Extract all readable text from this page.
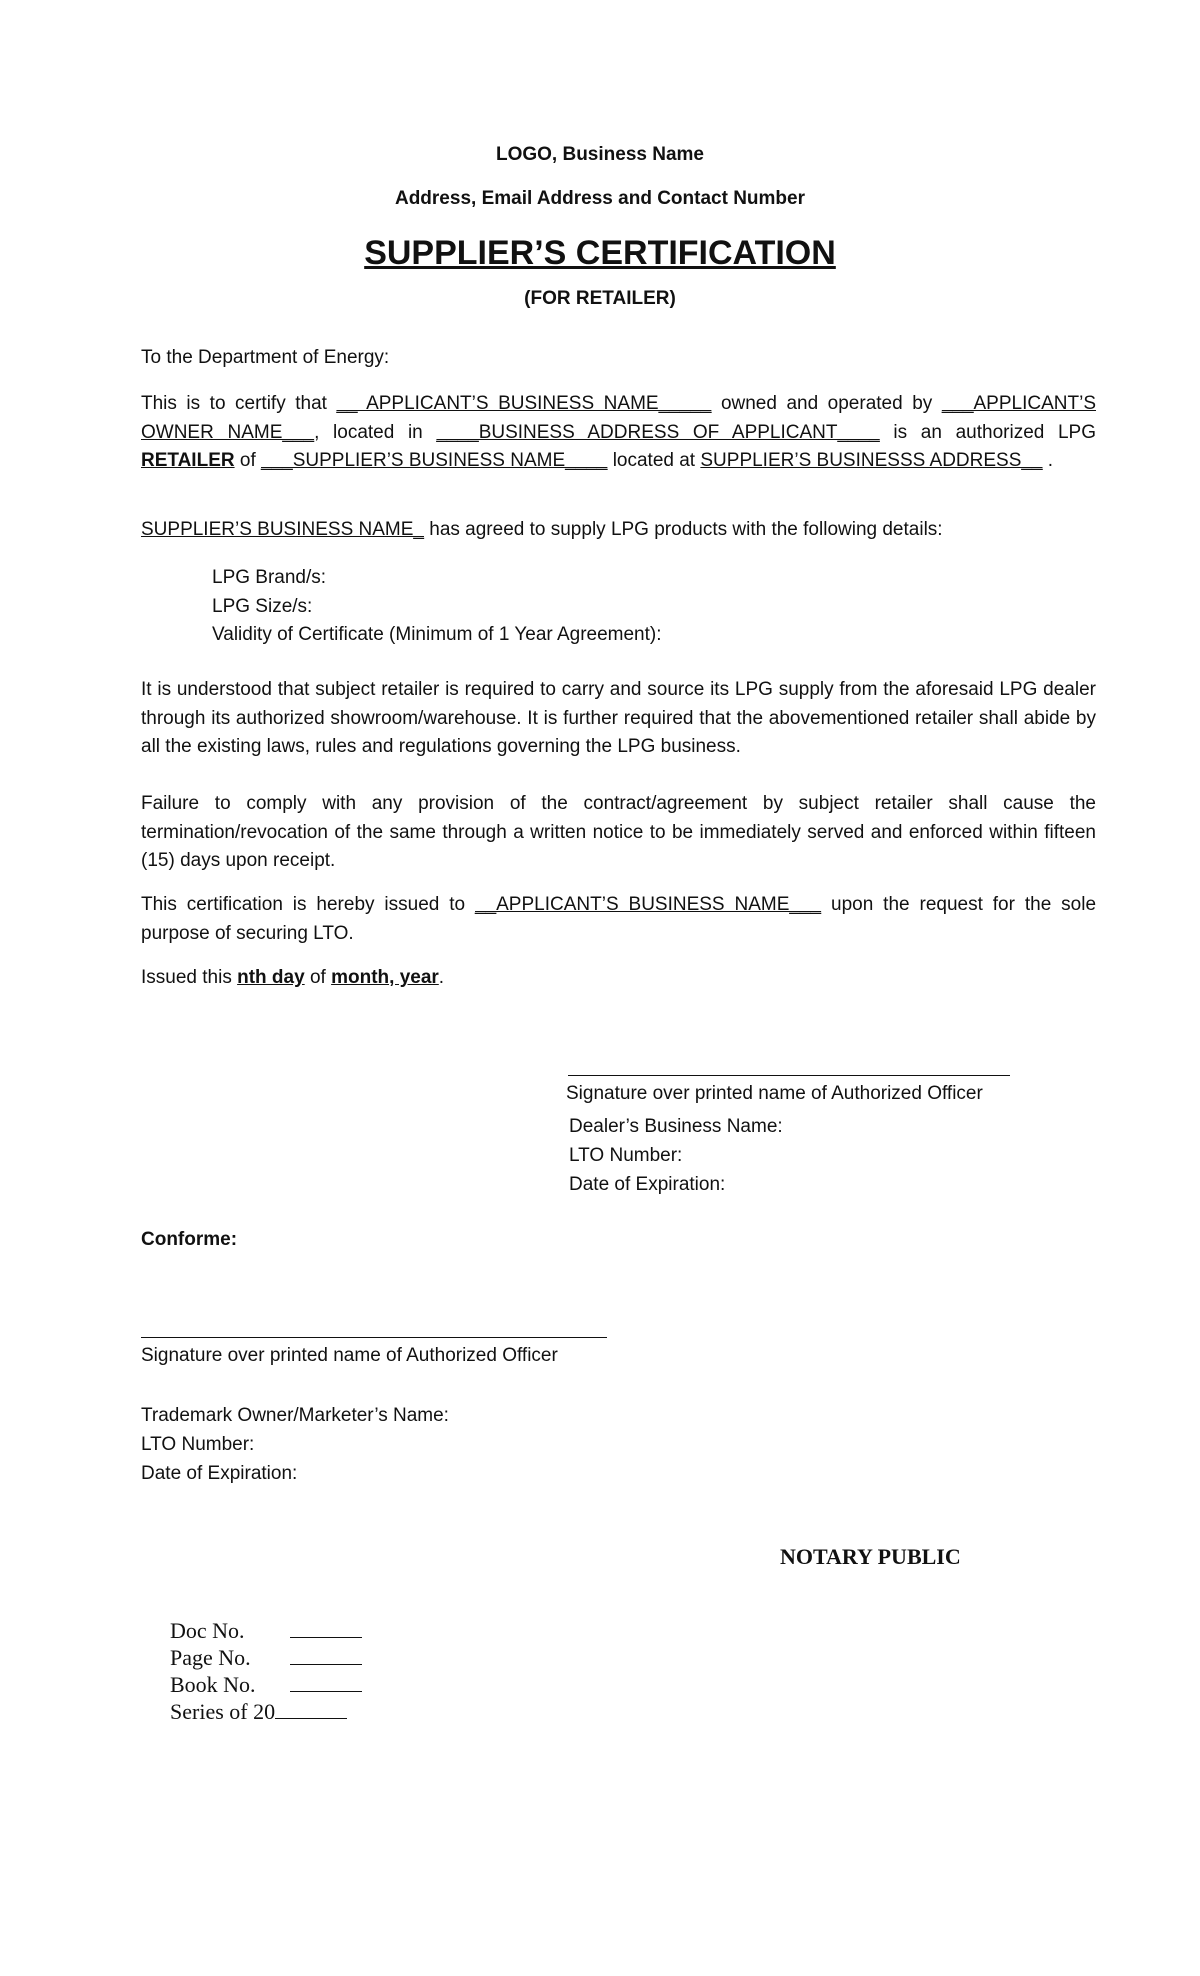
LOGO, Business Name
Address, Email Address and Contact Number
SUPPLIER’S CERTIFICATION
(FOR RETAILER)
To the Department of Energy:
This is to certify that __ APPLICANT’S BUSINESS NAME_____ owned and operated by ___APPLICANT’S OWNER NAME___, located in ____BUSINESS ADDRESS OF APPLICANT____ is an authorized LPG RETAILER of ___SUPPLIER’S BUSINESS NAME____ located at SUPPLIER’S BUSINESSS ADDRESS__ .
SUPPLIER’S BUSINESS NAME_ has agreed to supply LPG products with the following details:
LPG Brand/s:
LPG Size/s:
Validity of Certificate (Minimum of 1 Year Agreement):
It is understood that subject retailer is required to carry and source its LPG supply from the aforesaid LPG dealer through its authorized showroom/warehouse. It is further required that the abovementioned retailer shall abide by all the existing laws, rules and regulations governing the LPG business.
Failure to comply with any provision of the contract/agreement by subject retailer shall cause the termination/revocation of the same through a written notice to be immediately served and enforced within fifteen (15) days upon receipt.
This certification is hereby issued to __APPLICANT’S BUSINESS NAME___ upon the request for the sole purpose of securing LTO.
Issued this nth day of month, year.
Signature over printed name of Authorized Officer
Dealer’s Business Name:
LTO Number:
Date of Expiration:
Conforme:
Signature over printed name of Authorized Officer
Trademark Owner/Marketer’s Name:
LTO Number:
Date of Expiration:
NOTARY PUBLIC
Doc No.
Page No.
Book No.
Series of 20
